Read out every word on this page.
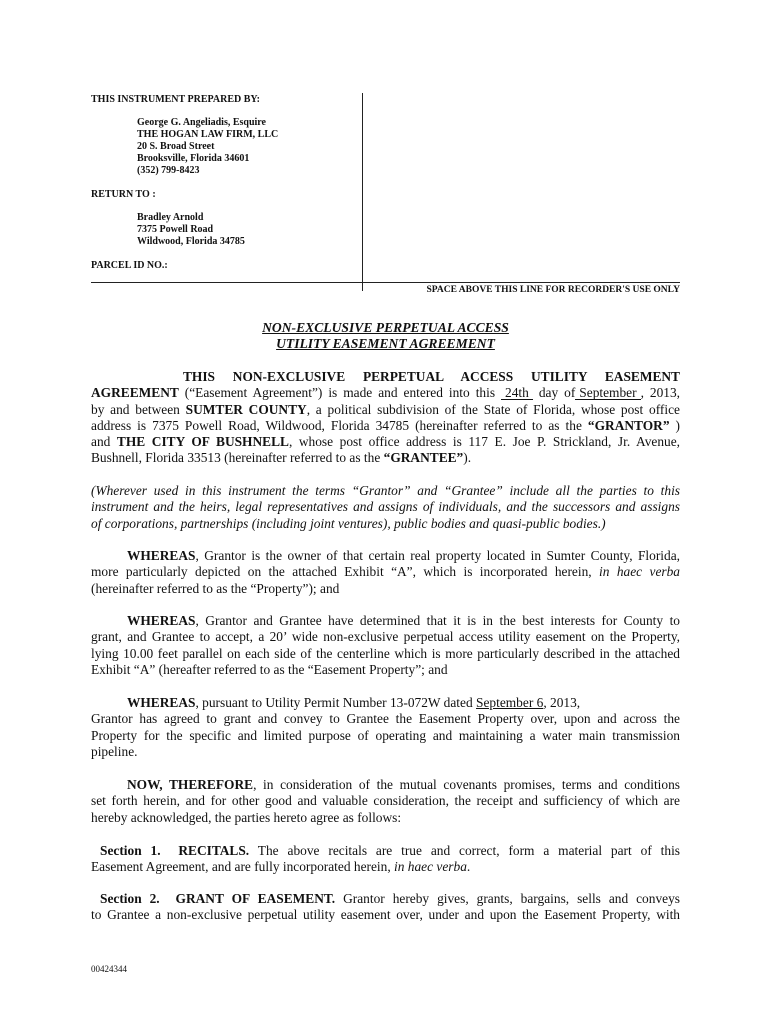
THIS INSTRUMENT PREPARED BY:
George G. Angeliadis, Esquire
THE HOGAN LAW FIRM, LLC
20 S. Broad Street
Brooksville, Florida 34601
(352) 799-8423
RETURN TO :
Bradley Arnold
7375 Powell Road
Wildwood, Florida 34785
PARCEL ID NO.:
SPACE ABOVE THIS LINE FOR RECORDER'S USE ONLY
NON-EXCLUSIVE PERPETUAL ACCESS
UTILITY EASEMENT AGREEMENT
THIS NON-EXCLUSIVE PERPETUAL ACCESS UTILITY EASEMENT
AGREEMENT (“Easement Agreement”) is made and entered into this 24th day of September , 2013,
by and between SUMTER COUNTY, a political subdivision of the State of Florida, whose post office
address is 7375 Powell Road, Wildwood, Florida 34785 (hereinafter referred to as the “GRANTOR” )
and THE CITY OF BUSHNELL, whose post office address is 117 E. Joe P. Strickland, Jr. Avenue,
Bushnell, Florida 33513 (hereinafter referred to as the “GRANTEE”).
(Wherever used in this instrument the terms “Grantor” and “Grantee” include all the parties to this
instrument and the heirs, legal representatives and assigns of individuals, and the successors and assigns
of corporations, partnerships (including joint ventures), public bodies and quasi-public bodies.)
WHEREAS, Grantor is the owner of that certain real property located in Sumter County, Florida,
more particularly depicted on the attached Exhibit “A”, which is incorporated herein, in haec verba
(hereinafter referred to as the “Property”); and
WHEREAS, Grantor and Grantee have determined that it is in the best interests for County to
grant, and Grantee to accept, a 20’ wide non-exclusive perpetual access utility easement on the Property,
lying 10.00 feet parallel on each side of the centerline which is more particularly described in the attached
Exhibit “A” (hereafter referred to as the “Easement Property”; and
WHEREAS, pursuant to Utility Permit Number 13-072W dated September 6, 2013,
Grantor has agreed to grant and convey to Grantee the Easement Property over, upon and across the
Property for the specific and limited purpose of operating and maintaining a water main transmission
pipeline.
NOW, THEREFORE, in consideration of the mutual covenants promises, terms and conditions
set forth herein, and for other good and valuable consideration, the receipt and sufficiency of which are
hereby acknowledged, the parties hereto agree as follows:
Section 1.  RECITALS. The above recitals are true and correct, form a material part of this
Easement Agreement, and are fully incorporated herein, in haec verba.
Section 2.  GRANT OF EASEMENT. Grantor hereby gives, grants, bargains, sells and conveys
to Grantee a non-exclusive perpetual utility easement over, under and upon the Easement Property, with
00424344
